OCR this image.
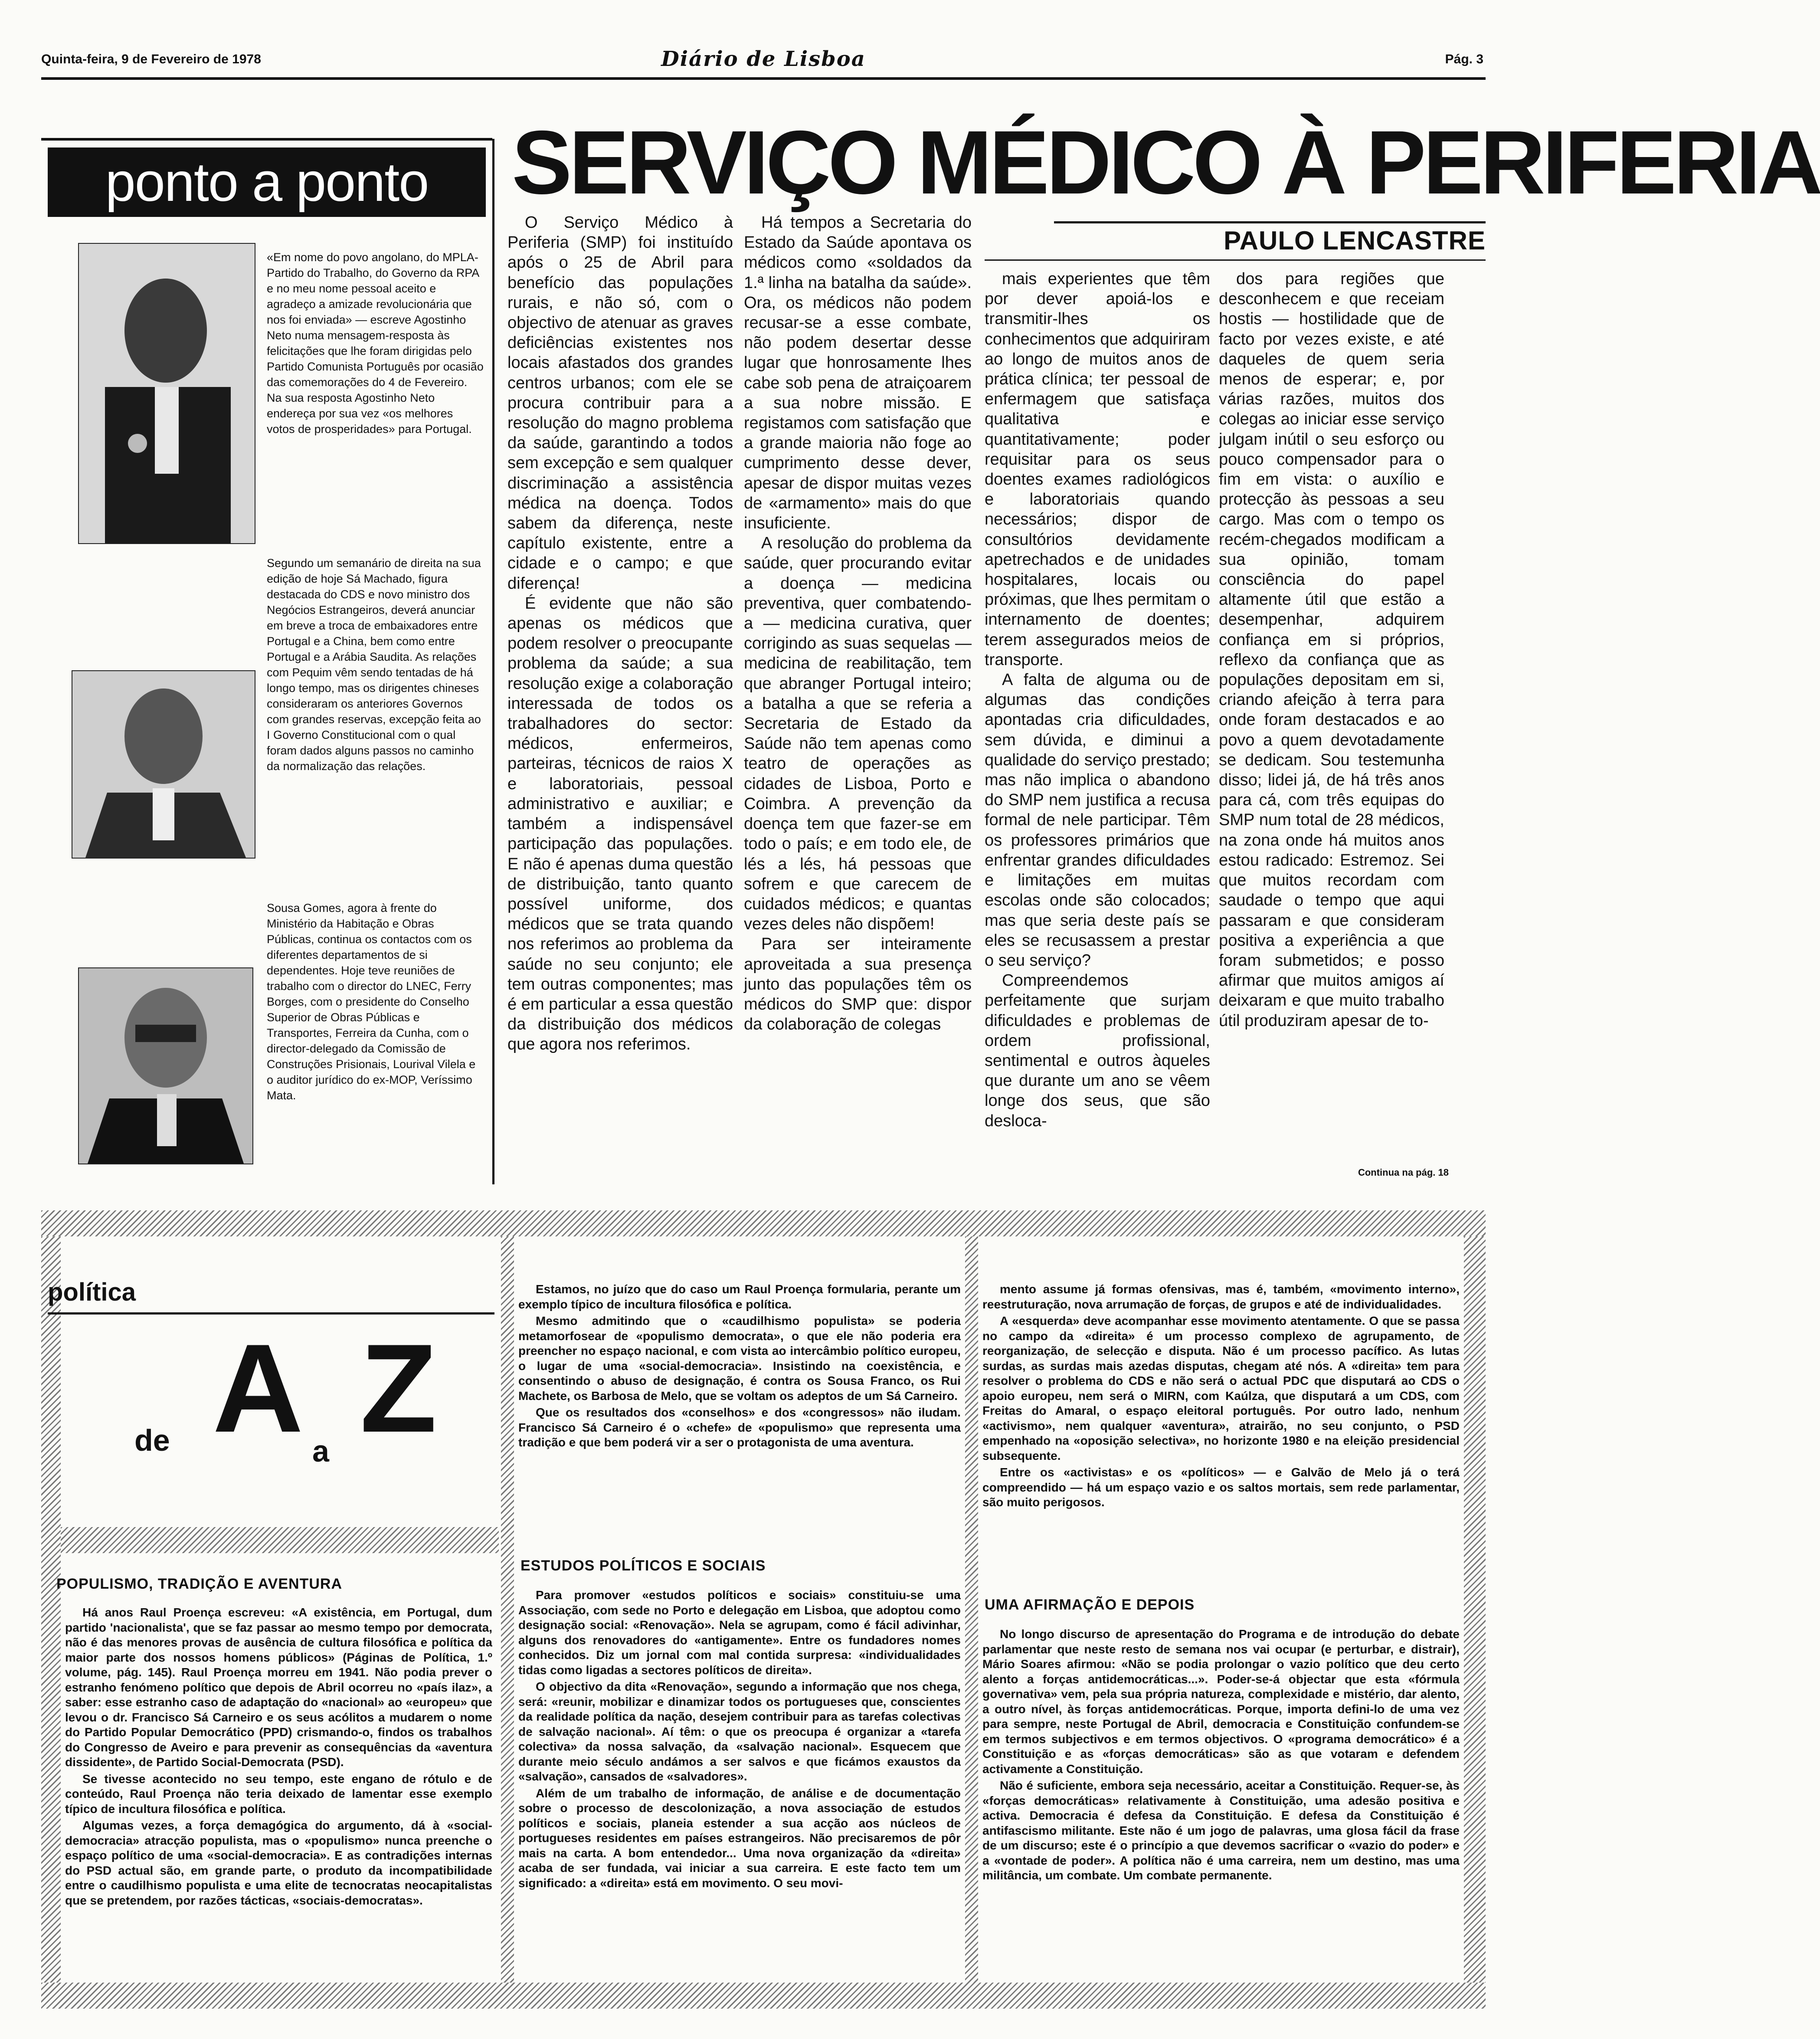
Quinta-feira, 9 de Fevereiro de 1978	Diário de Lisboa	Pág. 3
ponto a ponto

«Em nome do povo angolano, do MPLA-Partido do Trabalho, do Governo da RPA e no meu nome pessoal aceito e agradeço a amizade revolucionária que nos foi enviada» — escreve Agostinho Neto numa mensagem-resposta às felicitações que lhe foram dirigidas pelo Partido Comunista Português por ocasião das comemorações do 4 de Fevereiro. Na sua resposta Agostinho Neto endereça por sua vez «os melhores votos de prosperidades» para Portugal.

Segundo um semanário de direita na sua edição de hoje Sá Machado, figura destacada do CDS e novo ministro dos Negócios Estrangeiros, deverá anunciar em breve a troca de embaixadores entre Portugal e a China, bem como entre Portugal e a Arábia Saudita. As relações com Pequim vêm sendo tentadas de há longo tempo, mas os dirigentes chineses consideraram os anteriores Governos com grandes reservas, excepção feita ao I Governo Constitucional com o qual foram dados alguns passos no caminho da normalização das relações.

Sousa Gomes, agora à frente do Ministério da Habitação e Obras Públicas, continua os contactos com os diferentes departamentos de si dependentes. Hoje teve reuniões de trabalho com o director do LNEC, Ferry Borges, com o presidente do Conselho Superior de Obras Públicas e Transportes, Ferreira da Cunha, com o director-delegado da Comissão de Construções Prisionais, Lourival Vilela e o auditor jurídico do ex-MOP, Veríssimo Mata.

SERVIÇO MÉDICO À PERIFERIA
PAULO LENCASTRE

O Serviço Médico à Periferia (SMP) foi instituído após o 25 de Abril para benefício das populações rurais, e não só, com o objectivo de atenuar as graves deficiências existentes nos locais afastados dos grandes centros urbanos; com ele se procura contribuir para a resolução do magno problema da saúde, garantindo a todos sem excepção e sem qualquer discriminação a assistência médica na doença. Todos sabem da diferença, neste capítulo existente, entre a cidade e o campo; e que diferença!

É evidente que não são apenas os médicos que podem resolver o preocupante problema da saúde; a sua resolução exige a colaboração interessada de todos os trabalhadores do sector: médicos, enfermeiros, parteiras, técnicos de raios X e laboratoriais, pessoal administrativo e auxiliar; e também a indispensável participação das populações. E não é apenas duma questão de distribuição, tanto quanto possível uniforme, dos médicos que se trata quando nos referimos ao problema da saúde no seu conjunto; ele tem outras componentes; mas é em particular a essa questão da distribuição dos médicos que agora nos referimos.

Há tempos a Secretaria do Estado da Saúde apontava os médicos como «soldados da 1.ª linha na batalha da saúde». Ora, os médicos não podem recusar-se a esse combate, não podem desertar desse lugar que honrosamente lhes cabe sob pena de atraiçoarem a sua nobre missão. E registamos com satisfação que a grande maioria não foge ao cumprimento desse dever, apesar de dispor muitas vezes de «armamento» mais do que insuficiente.

A resolução do problema da saúde, quer procurando evitar a doença — medicina preventiva, quer combatendo-a — medicina curativa, quer corrigindo as suas sequelas — medicina de reabilitação, tem que abranger Portugal inteiro; a batalha a que se referia a Secretaria de Estado da Saúde não tem apenas como teatro de operações as cidades de Lisboa, Porto e Coimbra. A prevenção da doença tem que fazer-se em todo o país; e em todo ele, de lés a lés, há pessoas que sofrem e que carecem de cuidados médicos; e quantas vezes deles não dispõem!

Para ser inteiramente aproveitada a sua presença junto das populações têm os médicos do SMP que: dispor da colaboração de colegas

mais experientes que têm por dever apoiá-los e transmitir-lhes os conhecimentos que adquiriram ao longo de muitos anos de prática clínica; ter pessoal de enfermagem que satisfaça qualitativa e quantitativamente; poder requisitar para os seus doentes exames radiológicos e laboratoriais quando necessários; dispor de consultórios devidamente apetrechados e de unidades hospitalares, locais ou próximas, que lhes permitam o internamento de doentes; terem assegurados meios de transporte.

A falta de alguma ou de algumas das condições apontadas cria dificuldades, sem dúvida, e diminui a qualidade do serviço prestado; mas não implica o abandono do SMP nem justifica a recusa formal de nele participar. Têm os professores primários que enfrentar grandes dificuldades e limitações em muitas escolas onde são colocados; mas que seria deste país se eles se recusassem a prestar o seu serviço?

Compreendemos perfeitamente que surjam dificuldades e problemas de ordem profissional, sentimental e outros àqueles que durante um ano se vêem longe dos seus, que são desloca-

dos para regiões que desconhecem e que receiam hostis — hostilidade que de facto por vezes existe, e até daqueles de quem seria menos de esperar; e, por várias razões, muitos dos colegas ao iniciar esse serviço julgam inútil o seu esforço ou pouco compensador para o fim em vista: o auxílio e protecção às pessoas a seu cargo. Mas com o tempo os recém-chegados modificam a sua opinião, tomam consciência do papel altamente útil que estão a desempenhar, adquirem confiança em si próprios, reflexo da confiança que as populações depositam em si, criando afeição à terra para onde foram destacados e ao povo a quem devotadamente se dedicam. Sou testemunha disso; lidei já, de há três anos para cá, com três equipas do SMP num total de 28 médicos, na zona onde há muitos anos estou radicado: Estremoz. Sei que muitos recordam com saudade o tempo que aqui passaram e que consideram positiva a experiência a que foram submetidos; e posso afirmar que muitos amigos aí deixaram e que muito trabalho útil produziram apesar de to-

Continua na pág. 18
política
de A a Z
POPULISMO, TRADIÇÃO E AVENTURA

Há anos Raul Proença escreveu: «A existência, em Portugal, dum partido 'nacionalista', que se faz passar ao mesmo tempo por democrata, não é das menores provas de ausência de cultura filosófica e política da maior parte dos nossos homens públicos» (Páginas de Política, 1.º volume, pág. 145). Raul Proença morreu em 1941. Não podia prever o estranho fenómeno político que depois de Abril ocorreu no «país ilaz», a saber: esse estranho caso de adaptação do «nacional» ao «europeu» que levou o dr. Francisco Sá Carneiro e os seus acólitos a mudarem o nome do Partido Popular Democrático (PPD) crismando-o, findos os trabalhos do Congresso de Aveiro e para prevenir as consequências da «aventura dissidente», de Partido Social-Democrata (PSD).

Se tivesse acontecido no seu tempo, este engano de rótulo e de conteúdo, Raul Proença não teria deixado de lamentar esse exemplo típico de incultura filosófica e política.

Algumas vezes, a força demagógica do argumento, dá à «social-democracia» atracção populista, mas o «populismo» nunca preenche o espaço político de uma «social-democracia». E as contradições internas do PSD actual são, em grande parte, o produto da incompatibilidade entre o caudilhismo populista e uma elite de tecnocratas neocapitalistas que se pretendem, por razões tácticas, «sociais-democratas».

Estamos, no juízo que do caso um Raul Proença formularia, perante um exemplo típico de incultura filosófica e política.

Mesmo admitindo que o «caudilhismo populista» se poderia metamorfosear de «populismo democrata», o que ele não poderia era preencher no espaço nacional, e com vista ao intercâmbio político europeu, o lugar de uma «social-democracia». Insistindo na coexistência, e consentindo o abuso de designação, é contra os Sousa Franco, os Rui Machete, os Barbosa de Melo, que se voltam os adeptos de um Sá Carneiro.

Que os resultados dos «conselhos» e dos «congressos» não iludam. Francisco Sá Carneiro é o «chefe» de «populismo» que representa uma tradição e que bem poderá vir a ser o protagonista de uma aventura.

ESTUDOS POLÍTICOS E SOCIAIS

Para promover «estudos políticos e sociais» constituiu-se uma Associação, com sede no Porto e delegação em Lisboa, que adoptou como designação social: «Renovação». Nela se agrupam, como é fácil adivinhar, alguns dos renovadores do «antigamente». Entre os fundadores nomes conhecidos. Diz um jornal com mal contida surpresa: «individualidades tidas como ligadas a sectores políticos de direita».

O objectivo da dita «Renovação», segundo a informação que nos chega, será: «reunir, mobilizar e dinamizar todos os portugueses que, conscientes da realidade política da nação, desejem contribuir para as tarefas colectivas de salvação nacional». Aí têm: o que os preocupa é organizar a «tarefa colectiva» da nossa salvação, da «salvação nacional». Esquecem que durante meio século andámos a ser salvos e que ficámos exaustos da «salvação», cansados de «salvadores».

Além de um trabalho de informação, de análise e de documentação sobre o processo de descolonização, a nova associação de estudos políticos e sociais, planeia estender a sua acção aos núcleos de portugueses residentes em países estrangeiros. Não precisaremos de pôr mais na carta. A bom entendedor... Uma nova organização da «direita» acaba de ser fundada, vai iniciar a sua carreira. E este facto tem um significado: a «direita» está em movimento. O seu movi-

mento assume já formas ofensivas, mas é, também, «movimento interno», reestruturação, nova arrumação de forças, de grupos e até de individualidades.

A «esquerda» deve acompanhar esse movimento atentamente. O que se passa no campo da «direita» é um processo complexo de agrupamento, de reorganização, de selecção e disputa. Não é um processo pacífico. As lutas surdas, as surdas mais azedas disputas, chegam até nós. A «direita» tem para resolver o problema do CDS e não será o actual PDC que disputará ao CDS o apoio europeu, nem será o MIRN, com Kaúlza, que disputará a um CDS, com Freitas do Amaral, o espaço eleitoral português. Por outro lado, nenhum «activismo», nem qualquer «aventura», atrairão, no seu conjunto, o PSD empenhado na «oposição selectiva», no horizonte 1980 e na eleição presidencial subsequente.

Entre os «activistas» e os «políticos» — e Galvão de Melo já o terá compreendido — há um espaço vazio e os saltos mortais, sem rede parlamentar, são muito perigosos.

UMA AFIRMAÇÃO E DEPOIS

No longo discurso de apresentação do Programa e de introdução do debate parlamentar que neste resto de semana nos vai ocupar (e perturbar, e distrair), Mário Soares afirmou: «Não se podia prolongar o vazio político que deu certo alento a forças antidemocráticas...». Poder-se-á objectar que esta «fórmula governativa» vem, pela sua própria natureza, complexidade e mistério, dar alento, a outro nível, às forças antidemocráticas. Porque, importa defini-lo de uma vez para sempre, neste Portugal de Abril, democracia e Constituição confundem-se em termos subjectivos e em termos objectivos. O «programa democrático» é a Constituição e as «forças democráticas» são as que votaram e defendem activamente a Constituição.

Não é suficiente, embora seja necessário, aceitar a Constituição. Requer-se, às «forças democráticas» relativamente à Constituição, uma adesão positiva e activa. Democracia é defesa da Constituição. E defesa da Constituição é antifascismo militante. Este não é um jogo de palavras, uma glosa fácil da frase de um discurso; este é o princípio a que devemos sacrificar o «vazio do poder» e a «vontade de poder». A política não é uma carreira, nem um destino, mas uma militância, um combate. Um combate permanente.
